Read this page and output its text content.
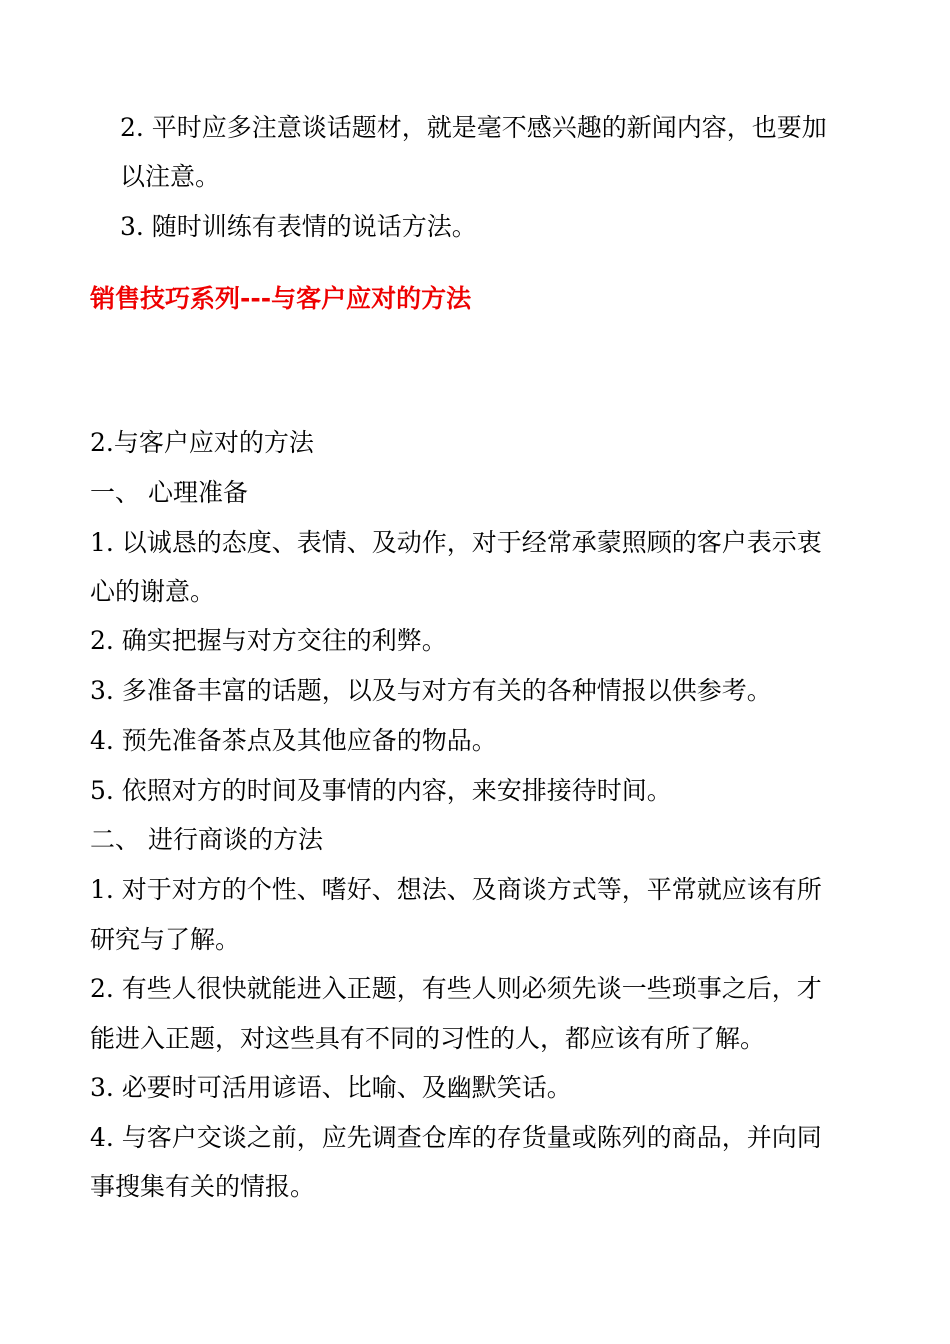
2. 平时应多注意谈话题材，就是毫不感兴趣的新闻内容，也要加
以注意。
3. 随时训练有表情的说话方法。
销售技巧系列---与客户应对的方法
2.与客户应对的方法
一、 心理准备
1. 以诚恳的态度、表情、及动作，对于经常承蒙照顾的客户表示衷
心的谢意。
2. 确实把握与对方交往的利弊。
3. 多准备丰富的话题，以及与对方有关的各种情报以供参考。
4. 预先准备茶点及其他应备的物品。
5. 依照对方的时间及事情的内容，来安排接待时间。
二、 进行商谈的方法
1. 对于对方的个性、嗜好、想法、及商谈方式等，平常就应该有所
研究与了解。
2. 有些人很快就能进入正题，有些人则必须先谈一些琐事之后，才
能进入正题，对这些具有不同的习性的人，都应该有所了解。
3. 必要时可活用谚语、比喻、及幽默笑话。
4. 与客户交谈之前，应先调查仓库的存货量或陈列的商品，并向同
事搜集有关的情报。
